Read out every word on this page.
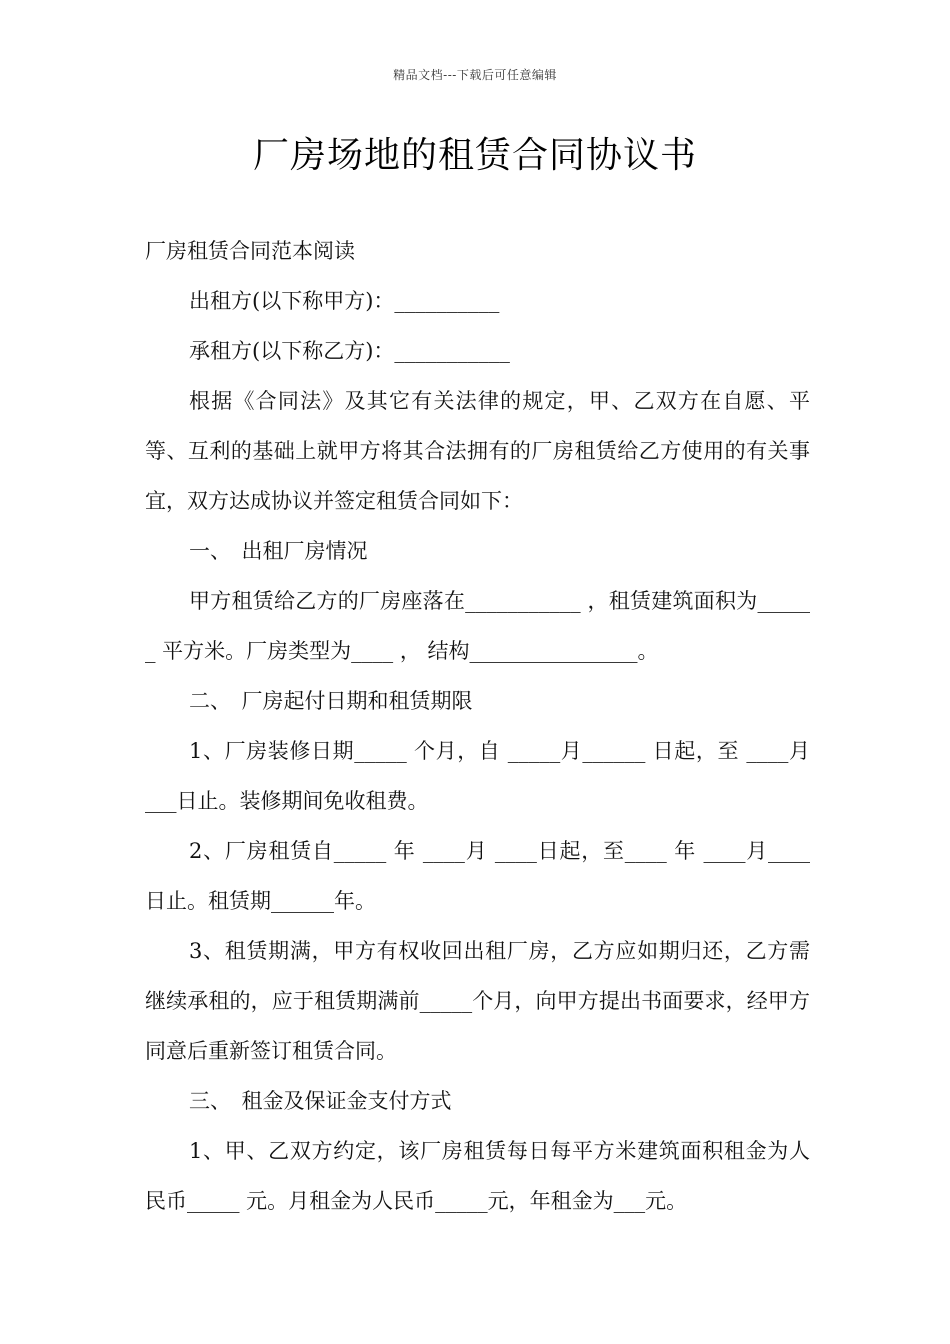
精品文档---下载后可任意编辑
厂房场地的租赁合同协议书

厂房租赁合同范本阅读

出租方(以下称甲方)：__________

承租方(以下称乙方)：___________

根据《合同法》及其它有关法律的规定，甲、乙双方在自愿、平等、互利的基础上就甲方将其合法拥有的厂房租赁给乙方使用的有关事宜，双方达成协议并签定租赁合同如下：

一、　出租厂房情况

甲方租赁给乙方的厂房座落在___________ ，租赁建筑面积为______ 平方米。厂房类型为____ ， 结构________________。

二、　厂房起付日期和租赁期限

1、厂房装修日期_____ 个月，自 _____月______ 日起，至 ____月 ___日止。装修期间免收租费。

2、厂房租赁自_____ 年 ____月 ____日起，至____ 年 ____月____日止。租赁期______年。

3、租赁期满，甲方有权收回出租厂房，乙方应如期归还，乙方需继续承租的，应于租赁期满前_____个月，向甲方提出书面要求，经甲方同意后重新签订租赁合同。

三、　租金及保证金支付方式

1、甲、乙双方约定，该厂房租赁每日每平方米建筑面积租金为人民币_____ 元。月租金为人民币_____元，年租金为___元。
